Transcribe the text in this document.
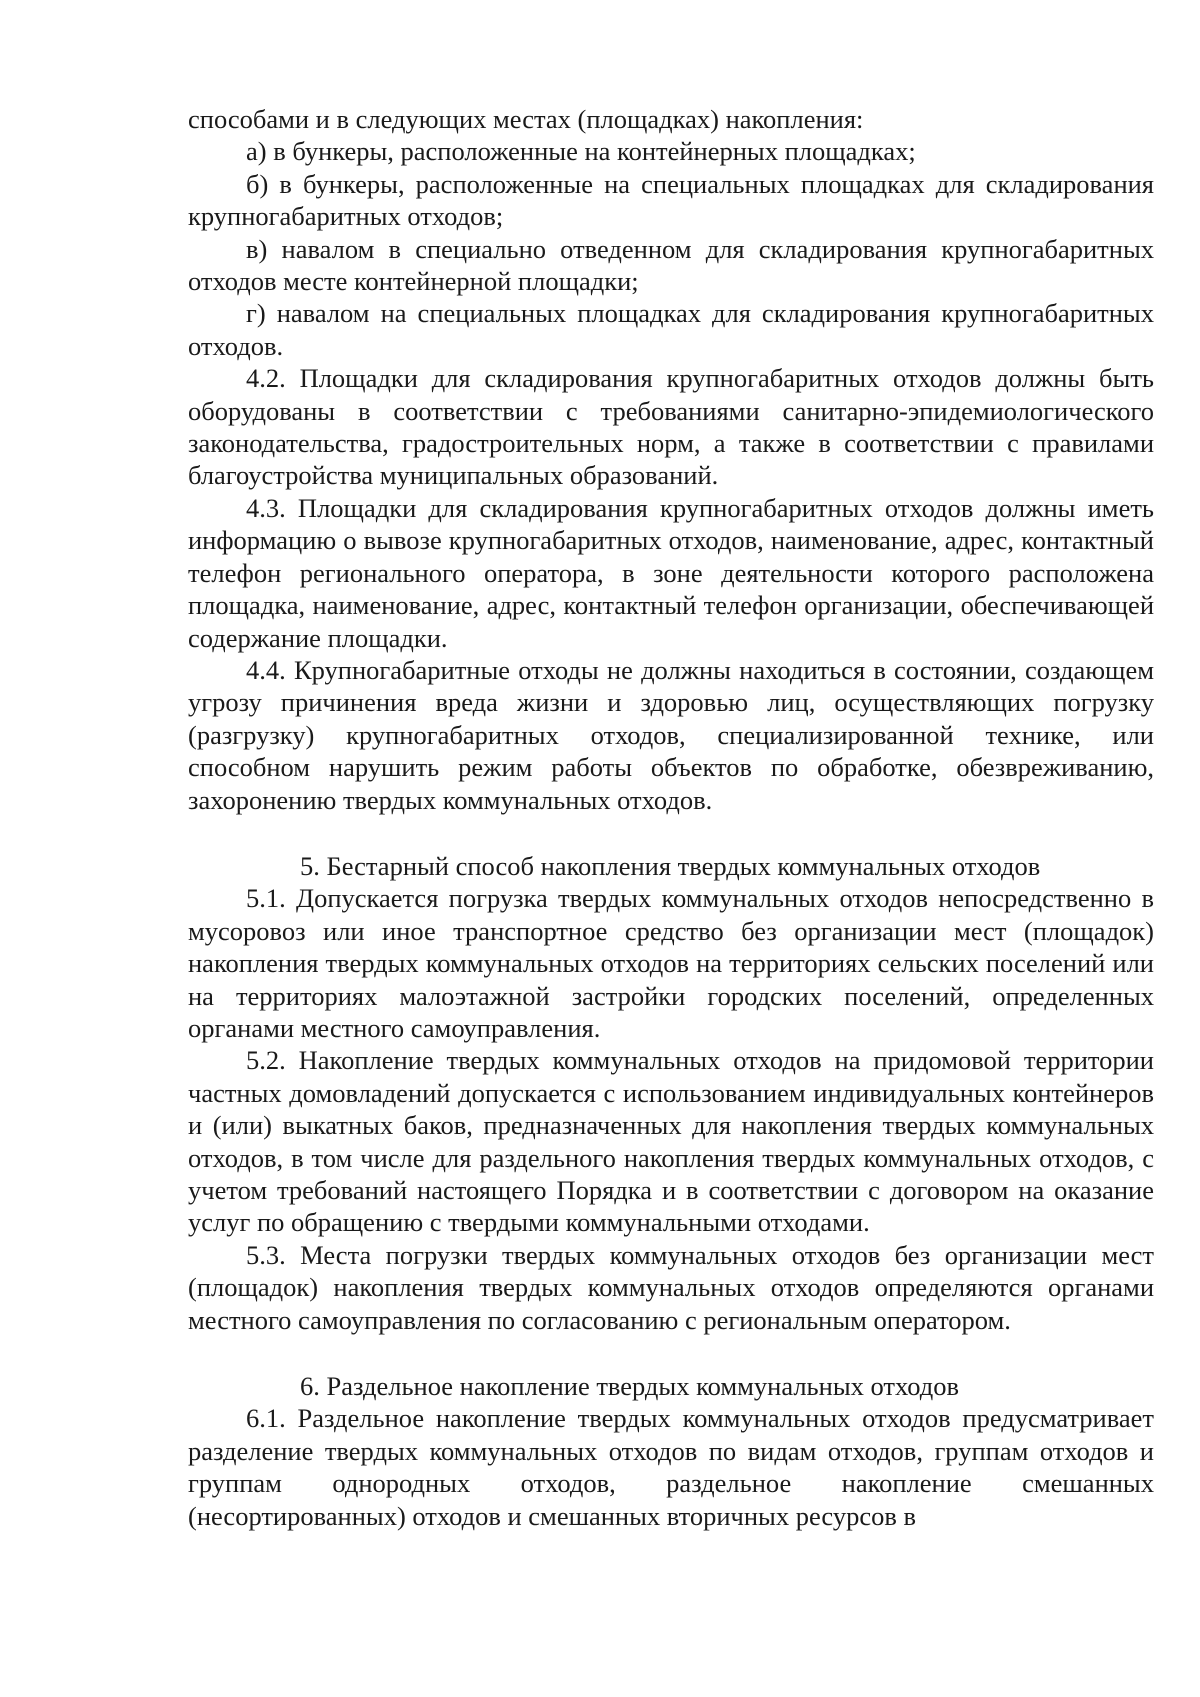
способами и в следующих местах (площадках) накопления:

а) в бункеры, расположенные на контейнерных площадках;

б) в бункеры, расположенные на специальных площадках для складирования крупногабаритных отходов;

в) навалом в специально отведенном для складирования крупногабаритных отходов месте контейнерной площадки;

г) навалом на специальных площадках для складирования крупногабаритных отходов.

4.2. Площадки для складирования крупногабаритных отходов должны быть оборудованы в соответствии с требованиями санитарно-эпидемиологического законодательства, градостроительных норм, а также в соответствии с правилами благоустройства муниципальных образований.

4.3. Площадки для складирования крупногабаритных отходов должны иметь информацию о вывозе крупногабаритных отходов, наименование, адрес, контактный телефон регионального оператора, в зоне деятельности которого расположена площадка, наименование, адрес, контактный телефон организации, обеспечивающей содержание площадки.

4.4. Крупногабаритные отходы не должны находиться в состоянии, создающем угрозу причинения вреда жизни и здоровью лиц, осуществляющих погрузку (разгрузку) крупногабаритных отходов, специализированной технике, или способном нарушить режим работы объектов по обработке, обезвреживанию, захоронению твердых коммунальных отходов.

5. Бестарный способ накопления твердых коммунальных отходов

5.1. Допускается погрузка твердых коммунальных отходов непосредственно в мусоровоз или иное транспортное средство без организации мест (площадок) накопления твердых коммунальных отходов на территориях сельских поселений или на территориях малоэтажной застройки городских поселений, определенных органами местного самоуправления.

5.2. Накопление твердых коммунальных отходов на придомовой территории частных домовладений допускается с использованием индивидуальных контейнеров и (или) выкатных баков, предназначенных для накопления твердых коммунальных отходов, в том числе для раздельного накопления твердых коммунальных отходов, с учетом требований настоящего Порядка и в соответствии с договором на оказание услуг по обращению с твердыми коммунальными отходами.

5.3. Места погрузки твердых коммунальных отходов без организации мест (площадок) накопления твердых коммунальных отходов определяются органами местного самоуправления по согласованию с региональным оператором.

6. Раздельное накопление твердых коммунальных отходов

6.1. Раздельное накопление твердых коммунальных отходов предусматривает разделение твердых коммунальных отходов по видам отходов, группам отходов и группам однородных отходов, раздельное накопление смешанных (несортированных) отходов и смешанных вторичных ресурсов в
